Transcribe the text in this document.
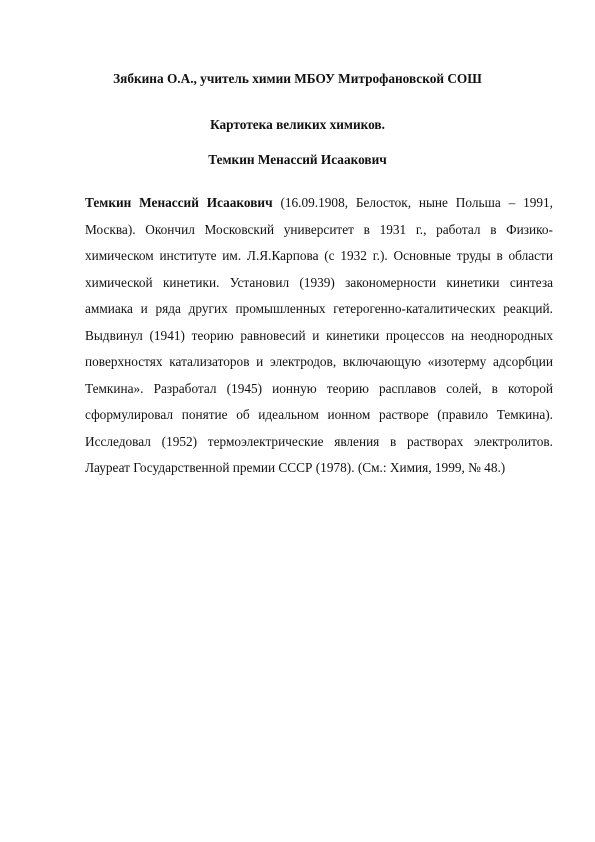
Зябкина О.А., учитель химии МБОУ Митрофановской СОШ
Картотека великих химиков.
Темкин Менассий Исаакович

Темкин Менассий Исаакович (16.09.1908, Белосток, ныне Польша – 1991, Москва). Окончил Московский университет в 1931 г., работал в Физико-химическом институте им. Л.Я.Карпова (с 1932 г.). Основные труды в области химической кинетики. Установил (1939) закономерности кинетики синтеза аммиака и ряда других промышленных гетерогенно-каталитических реакций. Выдвинул (1941) теорию равновесий и кинетики процессов на неоднородных поверхностях катализаторов и электродов, включающую «изотерму адсорбции Темкина». Разработал (1945) ионную теорию расплавов солей, в которой сформулировал понятие об идеальном ионном растворе (правило Темкина). Исследовал (1952) термоэлектрические явления в растворах электролитов. Лауреат Государственной премии СССР (1978). (См.: Химия, 1999, № 48.)
